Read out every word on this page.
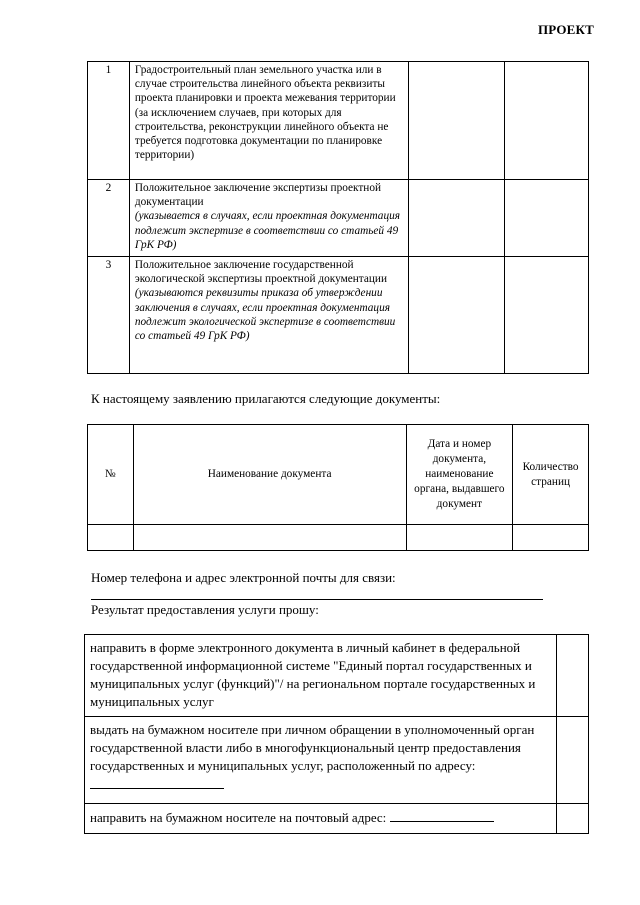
ПРОЕКТ
1	Градостроительный план земельного участка или в случае строительства линейного объекта реквизиты проекта планировки и проекта межевания территории (за исключением случаев, при которых для строительства, реконструкции линейного объекта не требуется подготовка документации по планировке территории)		
2	Положительное заключение экспертизы проектной документации
(указывается в случаях, если проектная документация подлежит экспертизе в соответствии со статьей 49 ГрК РФ)		
3	Положительное заключение государственной экологической экспертизы проектной документации
(указываются реквизиты приказа об утверждении заключения в случаях, если проектная документация подлежит экологической экспертизе в соответствии со статьей 49 ГрК РФ)		
К настоящему заявлению прилагаются следующие документы:
№	Наименование документа	Дата и номер документа, наименование органа, выдавшего документ	Количество страниц

Номер телефона и адрес электронной почты для связи:
Результат предоставления услуги прошу:
направить в форме электронного документа в личный кабинет в федеральной государственной информационной системе "Единый портал государственных и муниципальных услуг (функций)"/ на региональном портале государственных и муниципальных услуг	
выдать на бумажном носителе при личном обращении в уполномоченный орган государственной власти либо в многофункциональный центр предоставления государственных и муниципальных услуг, расположенный по адресу:	
направить на бумажном носителе на почтовый адрес:	
